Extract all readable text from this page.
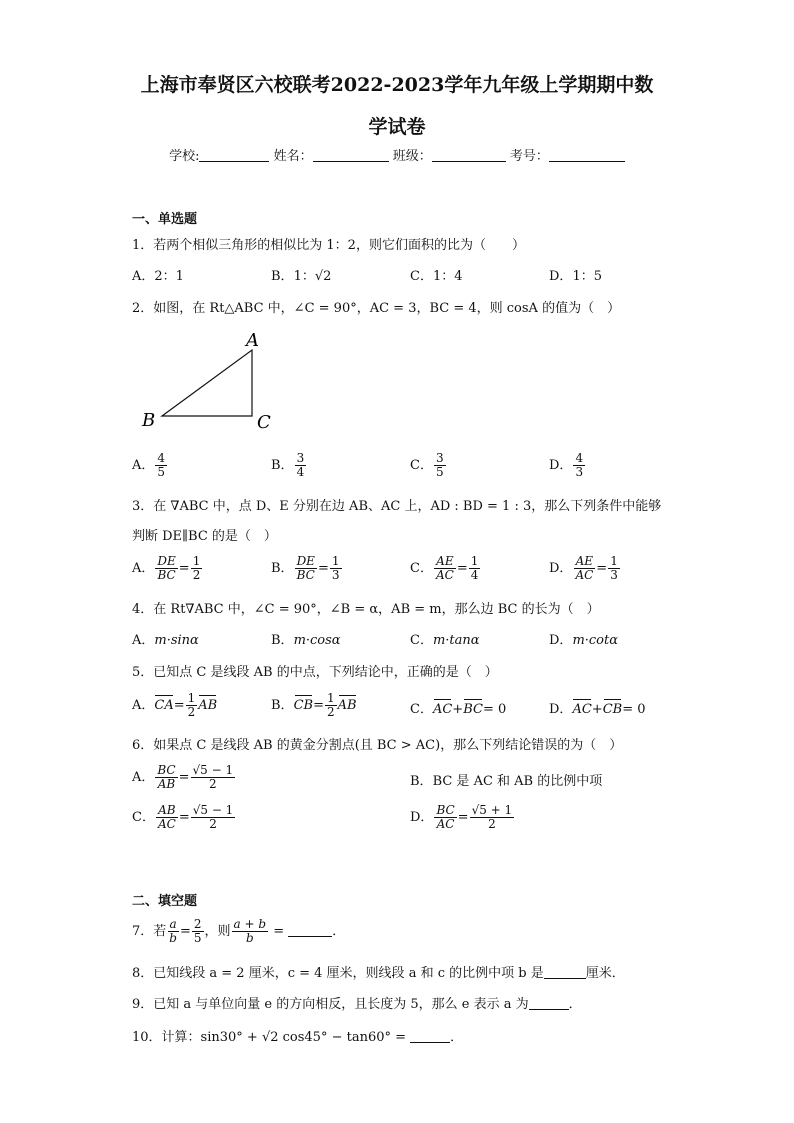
上海市奉贤区六校联考2022-2023学年九年级上学期期中数
学试卷
学校:	姓名：	班级：	考号：
一、单选题
1．若两个相似三角形的相似比为 1：2，则它们面积的比为（　　）
A．2：1	B．1：√2	C．1：4	D．1：5
2．如图，在 Rt△ABC 中，∠C = 90°，AC = 3，BC = 4，则 cosA 的值为（　）
A
B	C
A． $\frac{4}{5}$	B． $\frac{3}{4}$	C． $\frac{3}{5}$	D． $\frac{4}{3}$
3．在 ∇ABC 中，点 D、E 分别在边 AB、AC 上，AD : BD = 1 : 3，那么下列条件中能够
判断 DE∥BC 的是（　）
A． $\frac{DE}{BC} = \frac{1}{2}$	B． $\frac{DE}{BC} = \frac{1}{3}$	C． $\frac{AE}{AC} = \frac{1}{4}$	D． $\frac{AE}{AC} = \frac{1}{3}$
4．在 Rt∇ABC 中，∠C = 90°，∠B = α，AB = m，那么边 BC 的长为（　）
A．m·sinα	B．m·cosα	C．m·tanα	D．m·cotα
5．已知点 C 是线段 AB 的中点，下列结论中，正确的是（　）
A．$CA= \frac{1}{2}$ AB	B．$CB= \frac{1}{2}$ AB	C．AC+BC= 0	D．AC+CB= 0
6．如果点 C 是线段 AB 的黄金分割点(且 BC > AC)，那么下列结论错误的为（　）
A． $\frac{BC}{AB} = \frac{√5 - 1}{2}$	B．BC 是 AC 和 AB 的比例中项
C． $\frac{AB}{AC} = \frac{√5 - 1}{2}$	D． $\frac{BC}{AC} = \frac{√5 + 1}{2}$
二、填空题
7．若 $\frac{a}{b} = \frac{2}{5}$ ，则 $\frac{a + b}{b}$ =	．
8．已知线段 a = 2 厘米，c = 4 厘米，则线段 a 和 c 的比例中项 b 是	厘米．
9．已知 a 与单位向量 e 的方向相反，且长度为 5，那么 e 表示 a 为	．
10．计算：sin30° + √2 cos45° − tan60° =	．
